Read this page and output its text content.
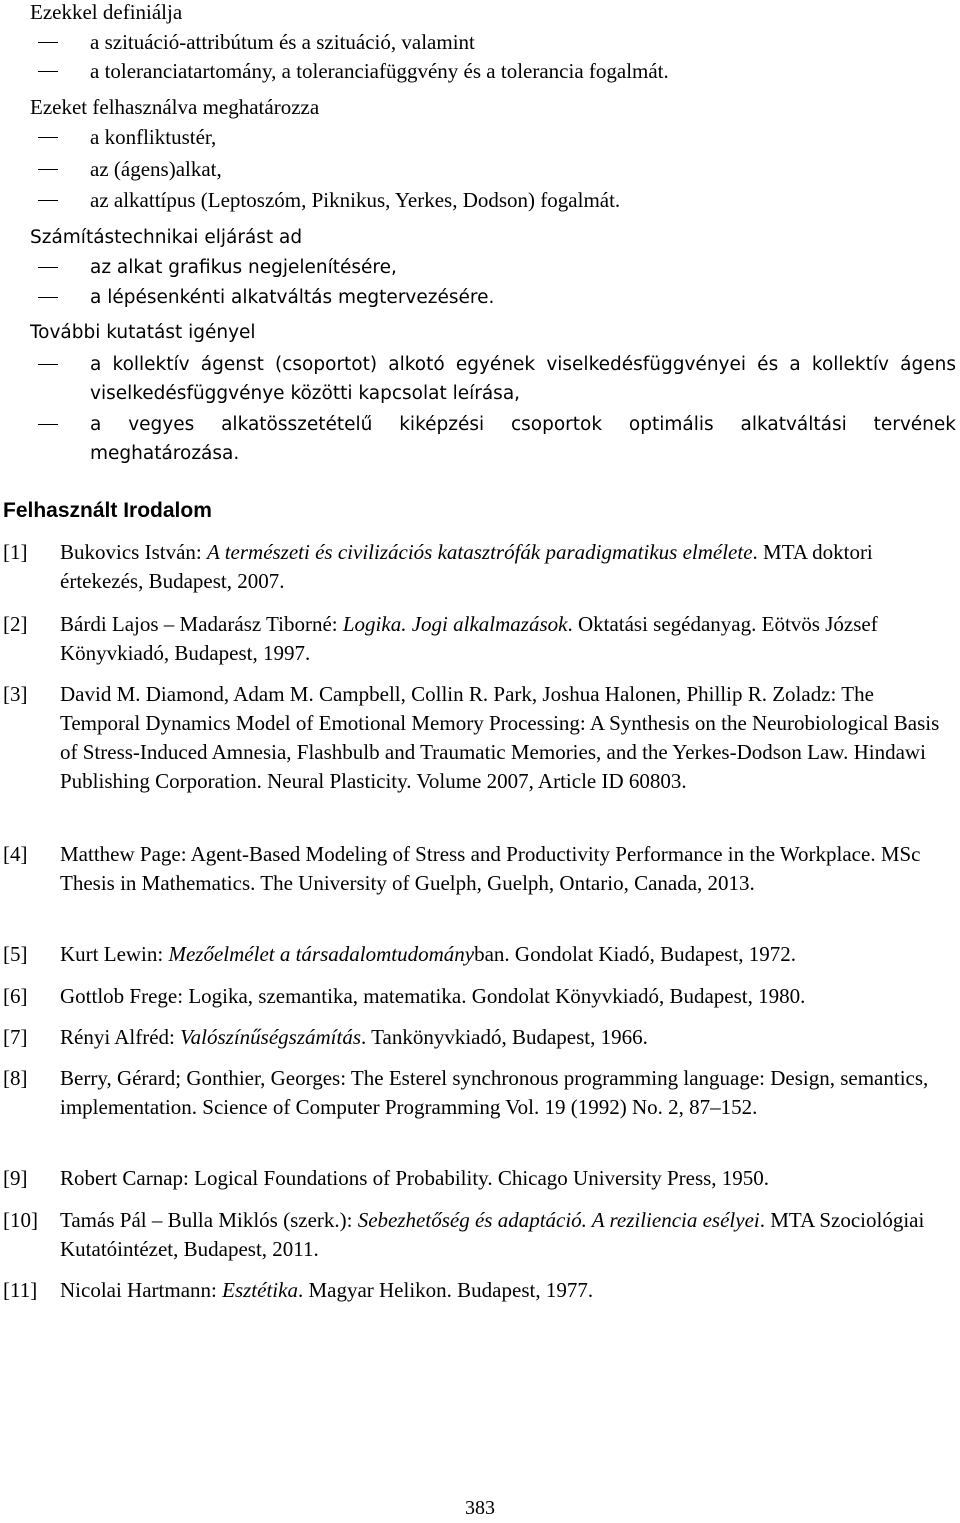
Ezekkel definiálja
a szituáció-attribútum és a szituáció, valamint
a toleranciatartomány, a toleranciafüggvény és a tolerancia fogalmát.
Ezeket felhasználva meghatározza
a konfliktustér,
az (ágens)alkat,
az alkattípus (Leptoszóm, Piknikus, Yerkes, Dodson) fogalmát.
Számítástechnikai eljárást ad
az alkat grafikus negjelenítésére,
a lépésenkénti alkatváltás megtervezésére.
További kutatást igényel
a kollektív ágenst (csoportot) alkotó egyének viselkedésfüggvényei és a kollektív ágens viselkedésfüggvénye közötti kapcsolat leírása,
a vegyes alkatösszetételű kiképzési csoportok optimális alkatváltási tervének meghatározása.
Felhasznált Irodalom
[1] Bukovics István: A természeti és civilizációs katasztrófák paradigmatikus elmélete. MTA doktori értekezés, Budapest, 2007.
[2] Bárdi Lajos – Madarász Tiborné: Logika. Jogi alkalmazások. Oktatási segédanyag. Eötvös József Könyvkiadó, Budapest, 1997.
[3] David M. Diamond, Adam M. Campbell, Collin R. Park, Joshua Halonen, Phillip R. Zoladz: The Temporal Dynamics Model of Emotional Memory Processing: A Synthesis on the Neurobiological Basis of Stress-Induced Amnesia, Flashbulb and Traumatic Memories, and the Yerkes-Dodson Law. Hindawi Publishing Corporation. Neural Plasticity. Volume 2007, Article ID 60803.
[4] Matthew Page: Agent-Based Modeling of Stress and Productivity Performance in the Workplace. MSc Thesis in Mathematics. The University of Guelph, Guelph, Ontario, Canada, 2013.
[5] Kurt Lewin: Mezőelmélet a társadalomtudományban. Gondolat Kiadó, Budapest, 1972.
[6] Gottlob Frege: Logika, szemantika, matematika. Gondolat Könyvkiadó, Budapest, 1980.
[7] Rényi Alfréd: Valószínűségszámítás. Tankönyvkiadó, Budapest, 1966.
[8] Berry, Gérard; Gonthier, Georges: The Esterel synchronous programming language: Design, semantics, implementation. Science of Computer Programming Vol. 19 (1992) No. 2, 87–152.
[9] Robert Carnap: Logical Foundations of Probability. Chicago University Press, 1950.
[10] Tamás Pál – Bulla Miklós (szerk.): Sebezhetőség és adaptáció. A reziliencia esélyei. MTA Szociológiai Kutatóintézet, Budapest, 2011.
[11] Nicolai Hartmann: Esztétika. Magyar Helikon. Budapest, 1977.
383
